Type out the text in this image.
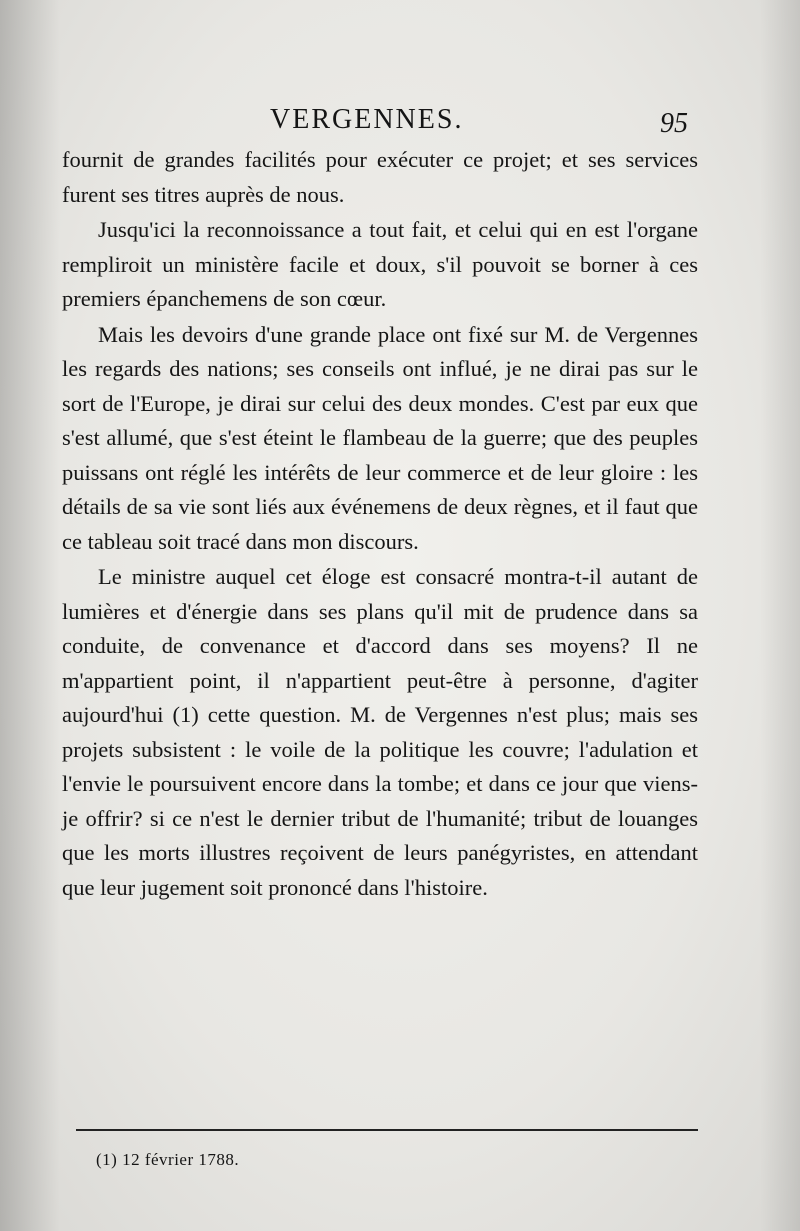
VERGENNES.	95

fournit de grandes facilités pour exécuter ce projet; et ses services furent ses titres auprès de nous.

Jusqu'ici la reconnoissance a tout fait, et celui qui en est l'organe rempliroit un ministère facile et doux, s'il pouvoit se borner à ces premiers épanchemens de son cœur.

Mais les devoirs d'une grande place ont fixé sur M. de Vergennes les regards des nations; ses conseils ont influé, je ne dirai pas sur le sort de l'Europe, je dirai sur celui des deux mondes. C'est par eux que s'est allumé, que s'est éteint le flambeau de la guerre; que des peuples puissans ont réglé les intérêts de leur commerce et de leur gloire : les détails de sa vie sont liés aux événemens de deux règnes, et il faut que ce tableau soit tracé dans mon discours.

Le ministre auquel cet éloge est consacré montra-t-il autant de lumières et d'énergie dans ses plans qu'il mit de prudence dans sa conduite, de convenance et d'accord dans ses moyens? Il ne m'appartient point, il n'appartient peut-être à personne, d'agiter aujourd'hui (1) cette question. M. de Vergennes n'est plus; mais ses projets subsistent : le voile de la politique les couvre; l'adulation et l'envie le poursuivent encore dans la tombe; et dans ce jour que viens-je offrir? si ce n'est le dernier tribut de l'humanité; tribut de louanges que les morts illustres reçoivent de leurs panégyristes, en attendant que leur jugement soit prononcé dans l'histoire.

(1) 12 février 1788.
